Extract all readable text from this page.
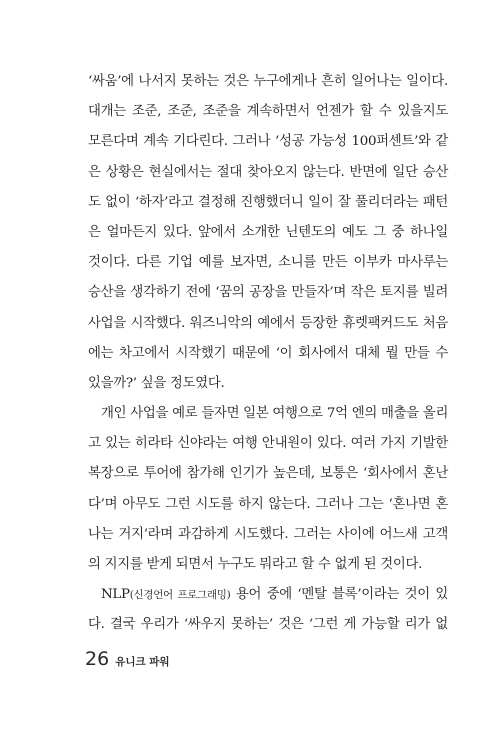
‘싸움’에 나서지 못하는 것은 누구에게나 흔히 일어나는 일이다.
대개는 조준, 조준, 조준을 계속하면서 언젠가 할 수 있을지도
모른다며 계속 기다린다. 그러나 ‘성공 가능성 100퍼센트’와 같
은 상황은 현실에서는 절대 찾아오지 않는다. 반면에 일단 승산
도 없이 ‘하자’라고 결정해 진행했더니 일이 잘 풀리더라는 패턴
은 얼마든지 있다. 앞에서 소개한 닌텐도의 예도 그 중 하나일
것이다. 다른 기업 예를 보자면, 소니를 만든 이부카 마사루는
승산을 생각하기 전에 ‘꿈의 공장을 만들자’며 작은 토지를 빌려
사업을 시작했다. 워즈니악의 예에서 등장한 휴렛팩커드도 처음
에는 차고에서 시작했기 때문에 ‘이 회사에서 대체 뭘 만들 수
있을까?’ 싶을 정도였다.
개인 사업을 예로 들자면 일본 여행으로 7억 엔의 매출을 올리
고 있는 히라타 신야라는 여행 안내원이 있다. 여러 가지 기발한
복장으로 투어에 참가해 인기가 높은데, 보통은 ‘회사에서 혼난
다’며 아무도 그런 시도를 하지 않는다. 그러나 그는 ‘혼나면 혼
나는 거지’라며 과감하게 시도했다. 그러는 사이에 어느새 고객
의 지지를 받게 되면서 누구도 뭐라고 할 수 없게 된 것이다.
NLP(신경언어 프로그래밍) 용어 중에 ‘멘탈 블록’이라는 것이 있
다. 결국 우리가 ‘싸우지 못하는’ 것은 ‘그런 게 가능할 리가 없
26 유니크 파워
